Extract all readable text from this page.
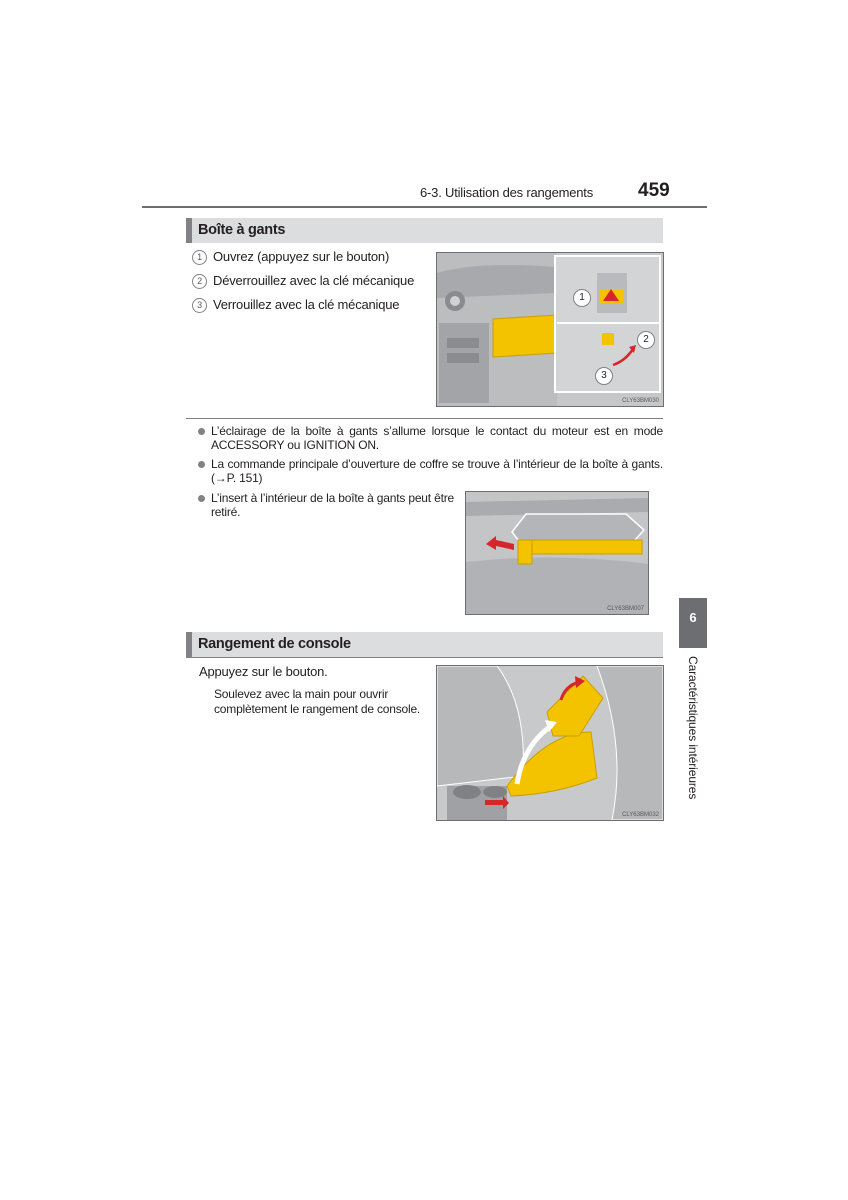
6-3. Utilisation des rangements 459
Boîte à gants
1 Ouvrez (appuyez sur le bouton)
2 Déverrouillez avec la clé mécanique
3 Verrouillez avec la clé mécanique	1
2
3
CLY63BM030
L’éclairage de la boîte à gants s’allume lorsque le contact du moteur est en mode ACCESSORY ou IGNITION ON.
La commande principale d’ouverture de coffre se trouve à l’intérieur de la boîte à gants. (→P. 151)
L’insert à l’intérieur de la boîte à gants peut être retiré.
CLY63BM007
Rangement de console
Appuyez sur le bouton.
Soulevez avec la main pour ouvrir complètement le rangement de console.
CLY63BM032
6
Caractéristiques intérieures
